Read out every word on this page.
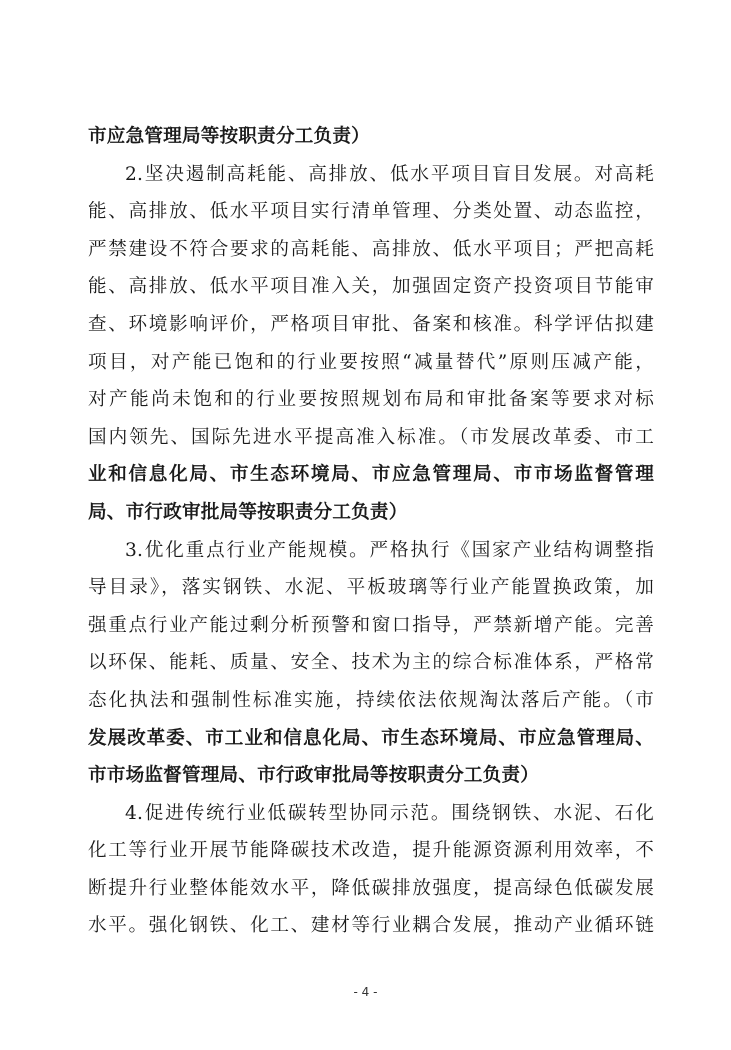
市应急管理局等按职责分工负责）
2.坚决遏制高耗能、高排放、低水平项目盲目发展。对高耗
能、高排放、低水平项目实行清单管理、分类处置、动态监控，
严禁建设不符合要求的高耗能、高排放、低水平项目；严把高耗
能、高排放、低水平项目准入关，加强固定资产投资项目节能审
查、环境影响评价，严格项目审批、备案和核准。科学评估拟建
项目，对产能已饱和的行业要按照“减量替代”原则压减产能，
对产能尚未饱和的行业要按照规划布局和审批备案等要求对标
国内领先、国际先进水平提高准入标准。（市发展改革委、市工
业和信息化局、市生态环境局、市应急管理局、市市场监督管理
局、市行政审批局等按职责分工负责）
3.优化重点行业产能规模。严格执行《国家产业结构调整指
导目录》，落实钢铁、水泥、平板玻璃等行业产能置换政策，加
强重点行业产能过剩分析预警和窗口指导，严禁新增产能。完善
以环保、能耗、质量、安全、技术为主的综合标准体系，严格常
态化执法和强制性标准实施，持续依法依规淘汰落后产能。（市
发展改革委、市工业和信息化局、市生态环境局、市应急管理局、
市市场监督管理局、市行政审批局等按职责分工负责）
4.促进传统行业低碳转型协同示范。围绕钢铁、水泥、石化
化工等行业开展节能降碳技术改造，提升能源资源利用效率，不
断提升行业整体能效水平，降低碳排放强度，提高绿色低碳发展
水平。强化钢铁、化工、建材等行业耦合发展，推动产业循环链
- 4 -
